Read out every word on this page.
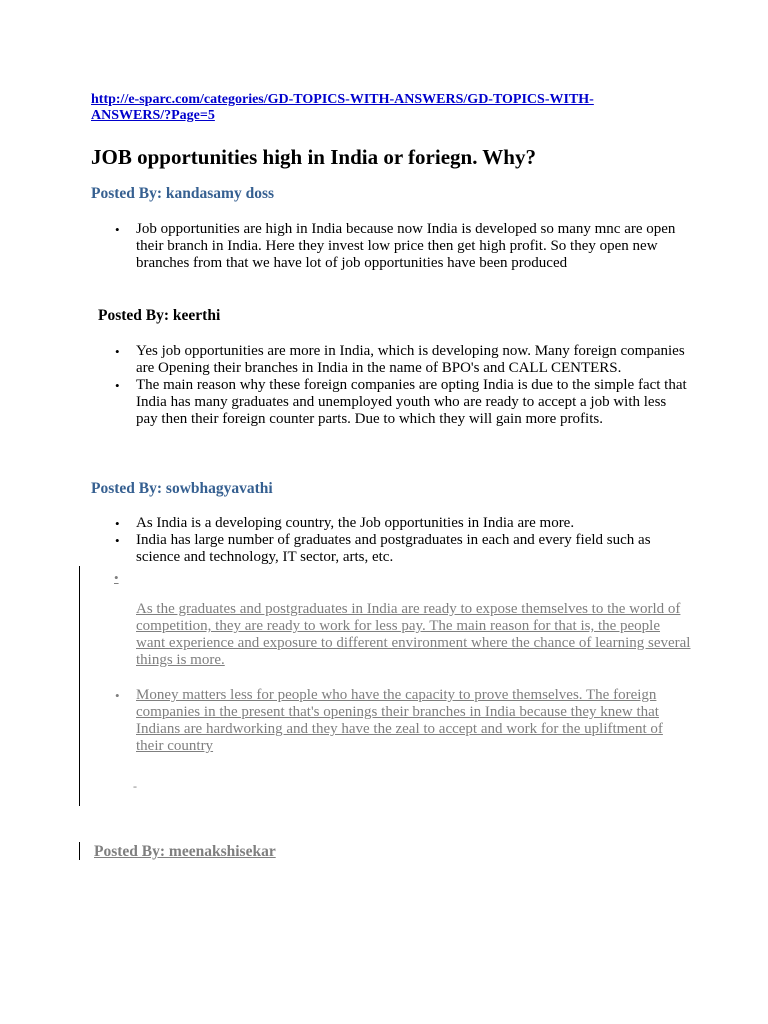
http://e-sparc.com/categories/GD-TOPICS-WITH-ANSWERS/GD-TOPICS-WITH-ANSWERS/?Page=5
JOB opportunities high in India or foriegn. Why?

Posted By: kandasamy doss

• Job opportunities are high in India because now India is developed so many mnc are open their branch in India. Here they invest low price then get high profit. So they open new branches from that we have lot of job opportunities have been produced

Posted By: keerthi

• Yes job opportunities are more in India, which is developing now. Many foreign companies are Opening their branches in India in the name of BPO's and CALL CENTERS.
• The main reason why these foreign companies are opting India is due to the simple fact that India has many graduates and unemployed youth who are ready to accept a job with less pay then their foreign counter parts. Due to which they will gain more profits.

Posted By: sowbhagyavathi

• As India is a developing country, the Job opportunities in India are more.
• India has large number of graduates and postgraduates in each and every field such as science and technology, IT sector, arts, etc.
•
As the graduates and postgraduates in India are ready to expose themselves to the world of competition, they are ready to work for less pay. The main reason for that is, the people want experience and exposure to different environment where the chance of learning several things is more.
• Money matters less for people who have the capacity to prove themselves. The foreign companies in the present that's openings their branches in India because they knew that Indians are hardworking and they have the zeal to accept and work for the upliftment of their country
-

Posted By: meenakshisekar
